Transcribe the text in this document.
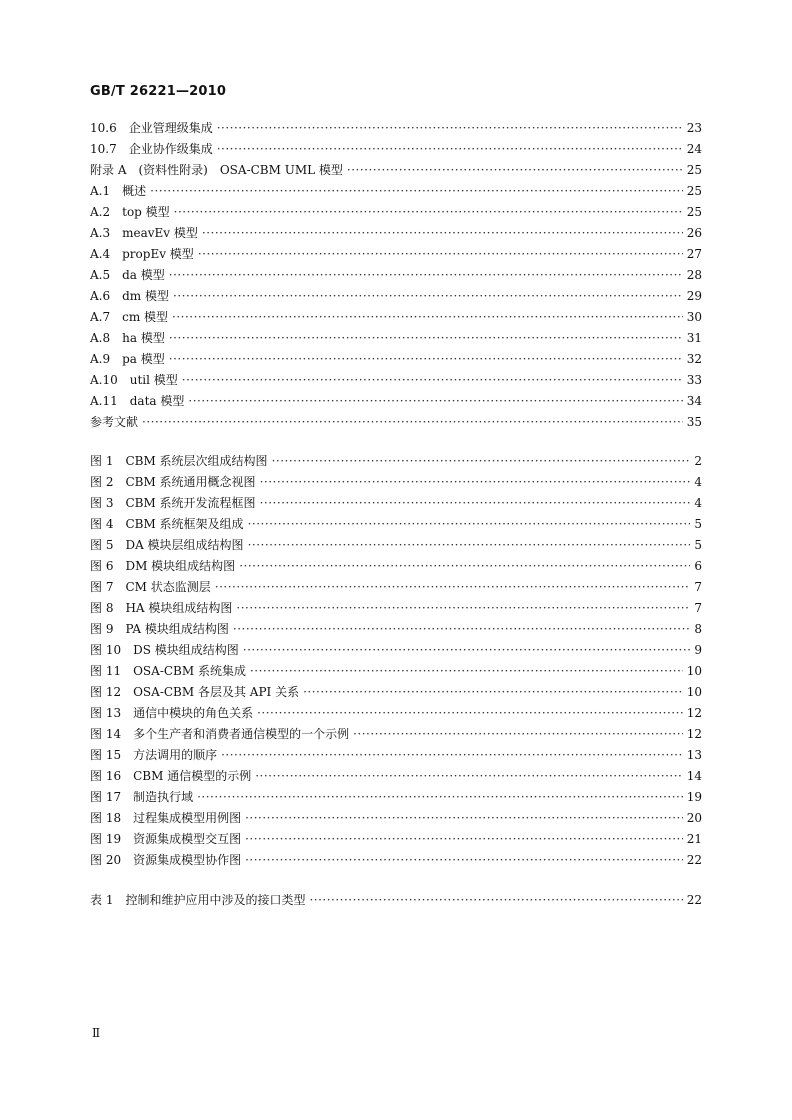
GB/T 26221—2010
10.6 企业管理级集成 ·····	23
10.7 企业协作级集成 ·····	24
附录 A (资料性附录)　OSA-CBM UML 模型 ·····	25
A.1 概述 ·····	25
A.2 top 模型 ·····	25
A.3 meavEv 模型 ·····	26
A.4 propEv 模型 ·····	27
A.5 da 模型 ·····	28
A.6 dm 模型 ·····	29
A.7 cm 模型 ·····	30
A.8 ha 模型 ·····	31
A.9 pa 模型 ·····	32
A.10 util 模型 ·····	33
A.11 data 模型 ·····	34
参考文献 ·····	35
图 1 CBM 系统层次组成结构图 ·····	2
图 2 CBM 系统通用概念视图 ·····	4
图 3 CBM 系统开发流程框图 ·····	4
图 4 CBM 系统框架及组成 ·····	5
图 5 DA 模块层组成结构图 ·····	5
图 6 DM 模块组成结构图 ·····	6
图 7 CM 状态监测层 ·····	7
图 8 HA 模块组成结构图 ·····	7
图 9 PA 模块组成结构图 ·····	8
图 10 DS 模块组成结构图 ·····	9
图 11 OSA-CBM 系统集成 ·····	10
图 12 OSA-CBM 各层及其 API 关系 ·····	10
图 13 通信中模块的角色关系 ·····	12
图 14 多个生产者和消费者通信模型的一个示例 ·····	12
图 15 方法调用的顺序 ·····	13
图 16 CBM 通信模型的示例 ·····	14
图 17 制造执行域 ·····	19
图 18 过程集成模型用例图 ·····	20
图 19 资源集成模型交互图 ·····	21
图 20 资源集成模型协作图 ·····	22
表 1 控制和维护应用中涉及的接口类型 ·····	22
Ⅱ
